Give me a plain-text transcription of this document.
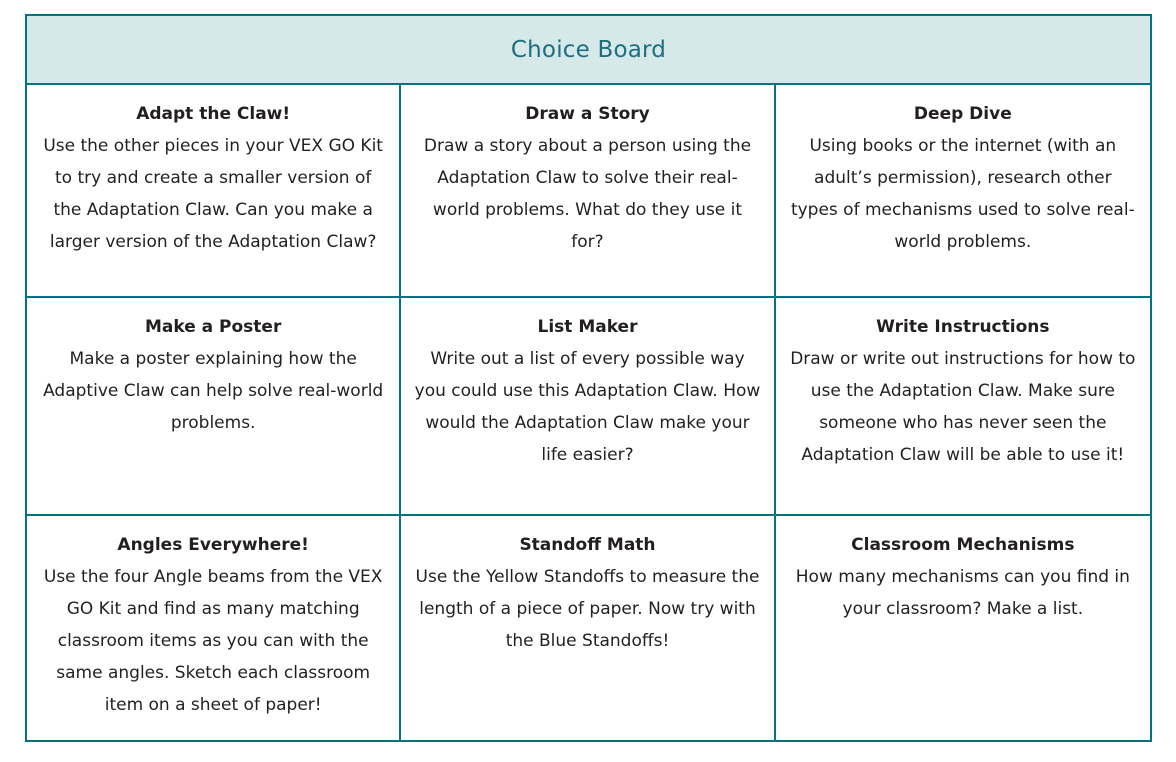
Choice Board
Adapt the Claw!
Use the other pieces in your VEX GO Kit to try and create a smaller version of the Adaptation Claw. Can you make a larger version of the Adaptation Claw?
Draw a Story
Draw a story about a person using the Adaptation Claw to solve their real-world problems. What do they use it for?
Deep Dive
Using books or the internet (with an adult’s permission), research other types of mechanisms used to solve real-world problems.
Make a Poster
Make a poster explaining how the Adaptive Claw can help solve real-world problems.
List Maker
Write out a list of every possible way you could use this Adaptation Claw. How would the Adaptation Claw make your life easier?
Write Instructions
Draw or write out instructions for how to use the Adaptation Claw. Make sure someone who has never seen the Adaptation Claw will be able to use it!
Angles Everywhere!
Use the four Angle beams from the VEX GO Kit and find as many matching classroom items as you can with the same angles. Sketch each classroom item on a sheet of paper!
Standoff Math
Use the Yellow Standoffs to measure the length of a piece of paper. Now try with the Blue Standoffs!
Classroom Mechanisms
How many mechanisms can you find in your classroom? Make a list.
